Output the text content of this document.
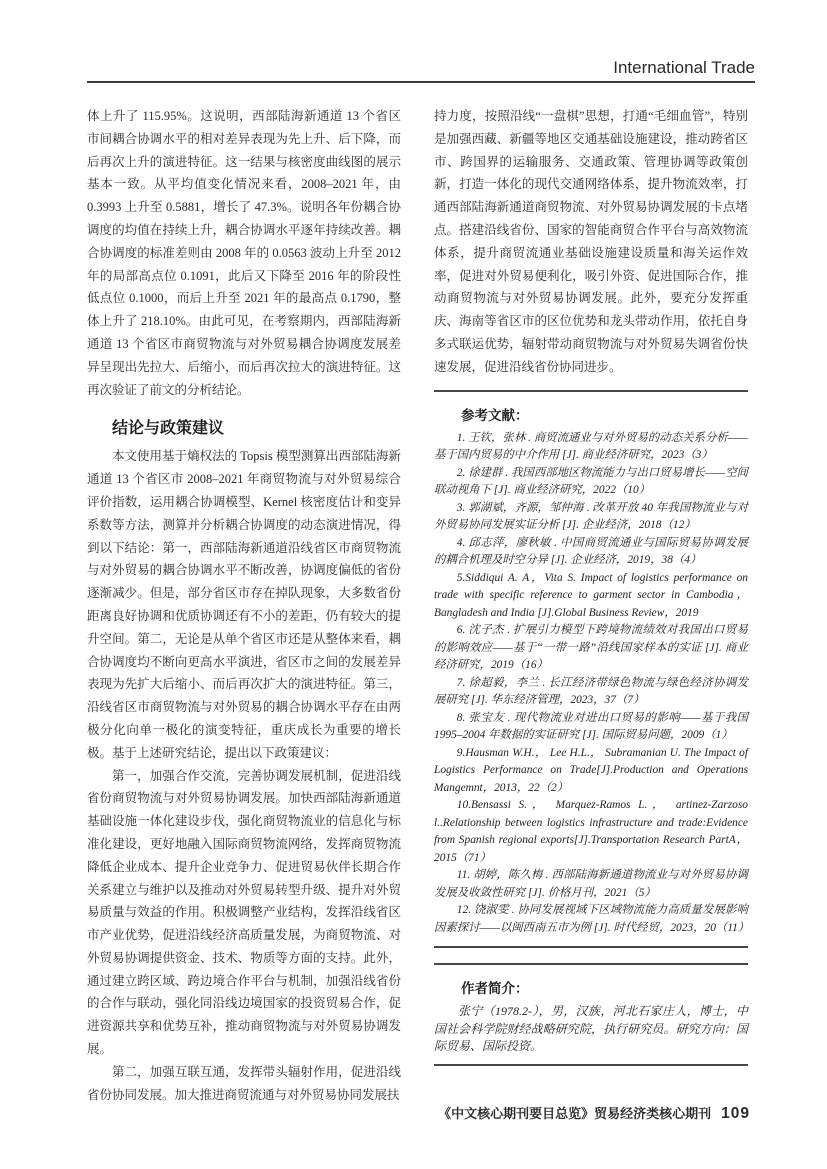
International Trade

体上升了 115.95%。这说明，西部陆海新通道 13 个省区市间耦合协调水平的相对差异表现为先上升、后下降，而后再次上升的演进特征。这一结果与核密度曲线图的展示基本一致。从平均值变化情况来看，2008–2021 年，由 0.3993 上升至 0.5881，增长了 47.3%。说明各年份耦合协调度的均值在持续上升，耦合协调水平逐年持续改善。耦合协调度的标准差则由 2008 年的 0.0563 波动上升至 2012 年的局部高点位 0.1091，此后又下降至 2016 年的阶段性低点位 0.1000，而后上升至 2021 年的最高点 0.1790，整体上升了 218.10%。由此可见，在考察期内，西部陆海新通道 13 个省区市商贸物流与对外贸易耦合协调度发展差异呈现出先拉大、后缩小，而后再次拉大的演进特征。这再次验证了前文的分析结论。

结论与政策建议

本文使用基于熵权法的 Topsis 模型测算出西部陆海新通道 13 个省区市 2008–2021 年商贸物流与对外贸易综合评价指数，运用耦合协调模型、Kernel 核密度估计和变异系数等方法，测算并分析耦合协调度的动态演进情况，得到以下结论：第一，西部陆海新通道沿线省区市商贸物流与对外贸易的耦合协调水平不断改善，协调度偏低的省份逐渐减少。但是，部分省区市存在掉队现象，大多数省份距离良好协调和优质协调还有不小的差距，仍有较大的提升空间。第二，无论是从单个省区市还是从整体来看，耦合协调度均不断向更高水平演进，省区市之间的发展差异表现为先扩大后缩小、而后再次扩大的演进特征。第三，沿线省区市商贸物流与对外贸易的耦合协调水平存在由两极分化向单一极化的演变特征，重庆成长为重要的增长极。基于上述研究结论，提出以下政策建议：

第一，加强合作交流，完善协调发展机制，促进沿线省份商贸物流与对外贸易协调发展。加快西部陆海新通道基础设施一体化建设步伐，强化商贸物流业的信息化与标准化建设，更好地融入国际商贸物流网络，发挥商贸物流降低企业成本、提升企业竞争力、促进贸易伙伴长期合作关系建立与维护以及推动对外贸易转型升级、提升对外贸易质量与效益的作用。积极调整产业结构，发挥沿线省区市产业优势，促进沿线经济高质量发展，为商贸物流、对外贸易协调提供资金、技术、物质等方面的支持。此外，通过建立跨区域、跨边境合作平台与机制，加强沿线省份的合作与联动，强化同沿线边境国家的投资贸易合作，促进资源共享和优势互补，推动商贸物流与对外贸易协调发展。

第二，加强互联互通，发挥带头辐射作用，促进沿线省份协同发展。加大推进商贸流通与对外贸易协同发展扶

持力度，按照沿线“一盘棋”思想，打通“毛细血管”，特别是加强西藏、新疆等地区交通基础设施建设，推动跨省区市、跨国界的运输服务、交通政策、管理协调等政策创新，打造一体化的现代交通网络体系，提升物流效率，打通西部陆海新通道商贸物流、对外贸易协调发展的卡点堵点。搭建沿线省份、国家的智能商贸合作平台与高效物流体系，提升商贸流通业基础设施建设质量和海关运作效率，促进对外贸易便利化，吸引外资、促进国际合作，推动商贸物流与对外贸易协调发展。此外，要充分发挥重庆、海南等省区市的区位优势和龙头带动作用，依托自身多式联运优势，辐射带动商贸物流与对外贸易失调省份快速发展，促进沿线省份协同进步。

参考文献：

1. 王钦，张林 . 商贸流通业与对外贸易的动态关系分析——基于国内贸易的中介作用 [J]. 商业经济研究，2023（3）

2. 徐建群 . 我国西部地区物流能力与出口贸易增长——空间联动视角下 [J]. 商业经济研究，2022（10）

3. 郭湖斌，齐源，邹仲海 . 改革开放 40 年我国物流业与对外贸易协同发展实证分析 [J]. 企业经济，2018（12）

4. 邱志萍，廖秋敏 . 中国商贸流通业与国际贸易协调发展的耦合机理及时空分异 [J]. 企业经济，2019，38（4）

5.Siddiqui A. A，Vita S. Impact of logistics performance on trade with specific reference to garment sector in Cambodia，Bangladesh and India [J].Global Business Review，2019

6. 沈子杰 . 扩展引力模型下跨境物流绩效对我国出口贸易的影响效应——基于“一带一路”沿线国家样本的实证 [J]. 商业经济研究，2019（16）

7. 徐超毅，李兰 . 长江经济带绿色物流与绿色经济协调发展研究 [J]. 华东经济管理，2023，37（7）

8. 张宝友 . 现代物流业对进出口贸易的影响——基于我国 1995–2004 年数据的实证研究 [J]. 国际贸易问题，2009（1）

9.Hausman W.H.， Lee H.L.， Subramanian U. The Impact of Logistics Performance on Trade[J].Production and Operations Mangemnt，2013，22（2）

10.Bensassi S.， Marquez-Ramos L.， artinez-Zarzoso l..Relationship between logistics infrastructure and trade:Evidence from Spanish regional exports[J].Transportation Research PartA，2015（71）

11. 胡婷，陈久梅 . 西部陆海新通道物流业与对外贸易协调发展及收敛性研究 [J]. 价格月刊，2021（5）

12. 饶淑雯 . 协同发展视域下区域物流能力高质量发展影响因素探讨——以闽西南五市为例 [J]. 时代经贸，2023，20（11）

作者简介：

张宁（1978.2-），男，汉族，河北石家庄人，博士，中国社会科学院财经战略研究院，执行研究员。研究方向：国际贸易、国际投资。

《中文核心期刊要目总览》贸易经济类核心期刊 109
